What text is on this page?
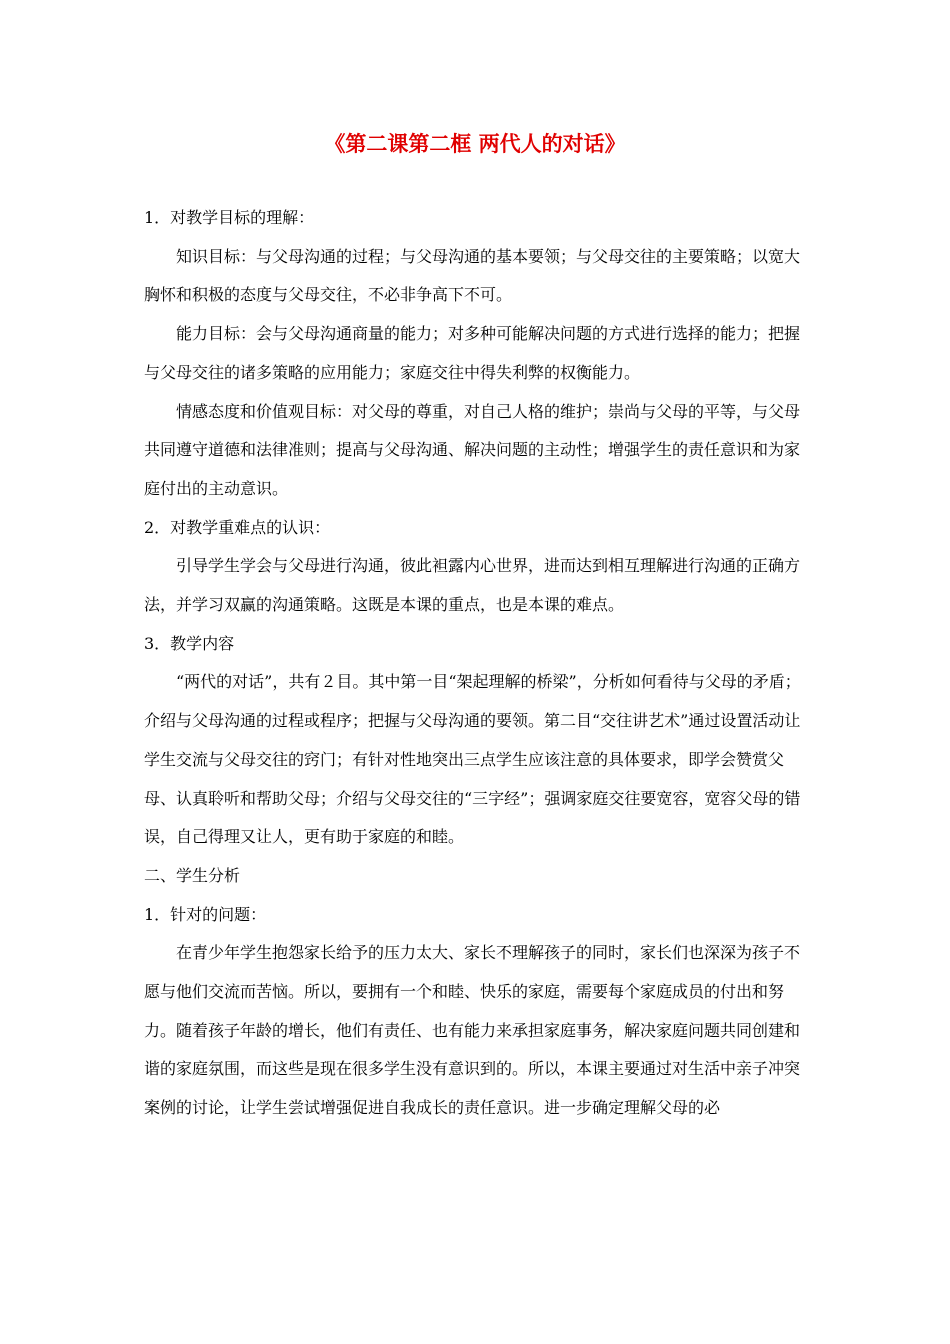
《第二课第二框 两代人的对话》

1．对教学目标的理解：

知识目标：与父母沟通的过程；与父母沟通的基本要领；与父母交往的主要策略；以宽大胸怀和积极的态度与父母交往，不必非争高下不可。

能力目标：会与父母沟通商量的能力；对多种可能解决问题的方式进行选择的能力；把握与父母交往的诸多策略的应用能力；家庭交往中得失利弊的权衡能力。

情感态度和价值观目标：对父母的尊重，对自己人格的维护；崇尚与父母的平等，与父母共同遵守道德和法律准则；提高与父母沟通、解决问题的主动性；增强学生的责任意识和为家庭付出的主动意识。

2．对教学重难点的认识：

引导学生学会与父母进行沟通，彼此袒露内心世界，进而达到相互理解进行沟通的正确方法，并学习双赢的沟通策略。这既是本课的重点，也是本课的难点。

3．教学内容

“两代的对话”，共有２目。其中第一目“架起理解的桥梁”，分析如何看待与父母的矛盾；介绍与父母沟通的过程或程序；把握与父母沟通的要领。第二目“交往讲艺术”通过设置活动让学生交流与父母交往的窍门；有针对性地突出三点学生应该注意的具体要求，即学会赞赏父母、认真聆听和帮助父母；介绍与父母交往的“三字经”；强调家庭交往要宽容，宽容父母的错误，自己得理又让人，更有助于家庭的和睦。

二、学生分析

1．针对的问题：

在青少年学生抱怨家长给予的压力太大、家长不理解孩子的同时，家长们也深深为孩子不愿与他们交流而苦恼。所以，要拥有一个和睦、快乐的家庭，需要每个家庭成员的付出和努力。随着孩子年龄的增长，他们有责任、也有能力来承担家庭事务，解决家庭问题共同创建和谐的家庭氛围，而这些是现在很多学生没有意识到的。所以，本课主要通过对生活中亲子冲突案例的讨论，让学生尝试增强促进自我成长的责任意识。进一步确定理解父母的必
